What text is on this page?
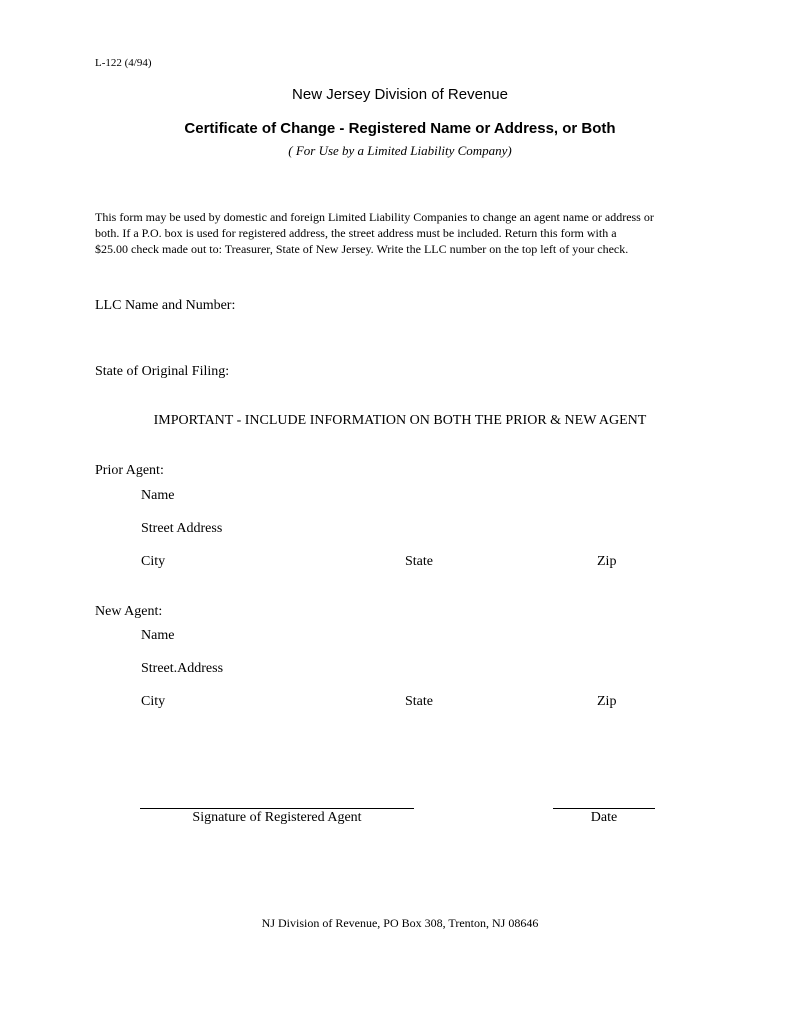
L-122 (4/94)
New Jersey Division of Revenue
Certificate of Change - Registered Name or Address, or Both
( For Use by a Limited Liability Company)
This form may be used by domestic and foreign Limited Liability Companies to change an agent name or address or
both. If a P.O. box is used for registered address, the street address must be included. Return this form with a
$25.00 check made out to: Treasurer, State of New Jersey. Write the LLC number on the top left of your check.
LLC Name and Number:
State of Original Filing:
IMPORTANT - INCLUDE INFORMATION ON BOTH THE PRIOR & NEW AGENT
Prior Agent:
Name
Street Address
City	State	Zip
New Agent:
Name
Street.Address
City	State	Zip
Signature of Registered Agent	Date
NJ Division of Revenue, PO Box 308, Trenton, NJ 08646
